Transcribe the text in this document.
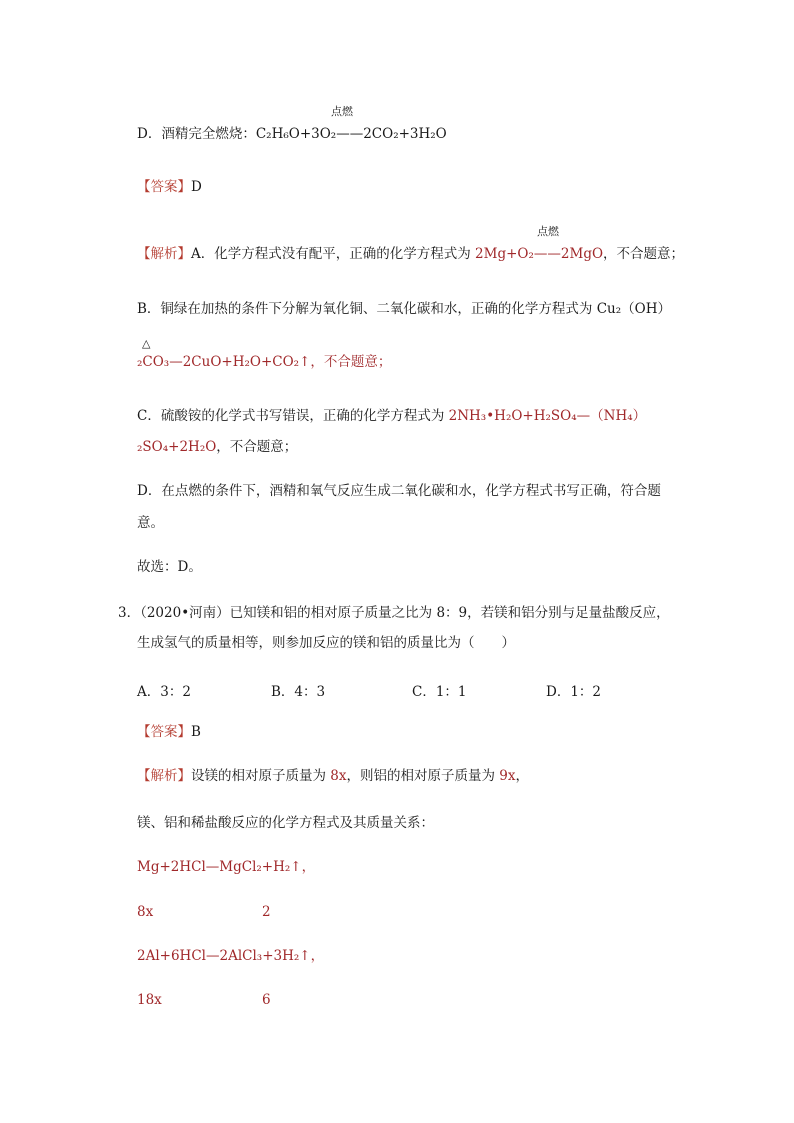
点燃
D．酒精完全燃烧：C₂H₆O+3O₂——2CO₂+3H₂O
【答案】D
点燃
【解析】A．化学方程式没有配平，正确的化学方程式为 2Mg+O₂——2MgO，不合题意；
B．铜绿在加热的条件下分解为氧化铜、二氧化碳和水，正确的化学方程式为 Cu₂（OH）
△
₂CO₃—2CuO+H₂O+CO₂↑，不合题意；
C．硫酸铵的化学式书写错误，正确的化学方程式为 2NH₃•H₂O+H₂SO₄—（NH₄）
₂SO₄+2H₂O，不合题意；
D．在点燃的条件下，酒精和氧气反应生成二氧化碳和水，化学方程式书写正确，符合题
意。
故选：D。
3．（2020•河南）已知镁和铝的相对原子质量之比为 8：9，若镁和铝分别与足量盐酸反应，
生成氢气的质量相等，则参加反应的镁和铝的质量比为（　　）
A．3：2	B．4：3	C．1：1	D．1：2
【答案】B
【解析】设镁的相对原子质量为 8x，则铝的相对原子质量为 9x，
镁、铝和稀盐酸反应的化学方程式及其质量关系：
Mg+2HCl—MgCl₂+H₂↑，
8x	2
2Al+6HCl—2AlCl₃+3H₂↑，
18x	6
